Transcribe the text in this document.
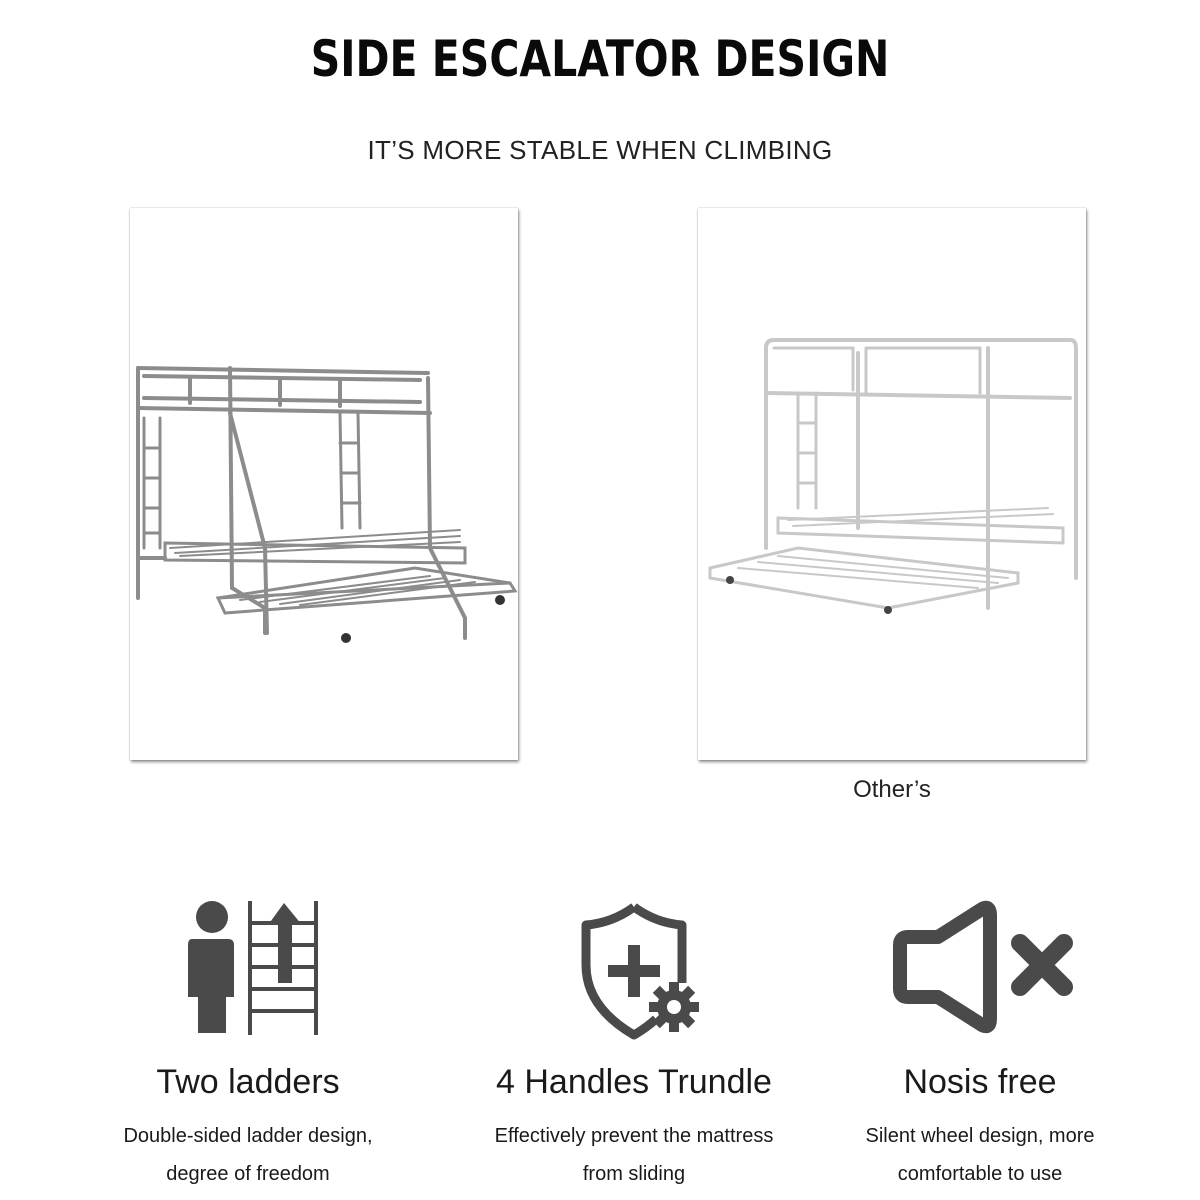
SIDE ESCALATOR DESIGN
IT’S MORE STABLE WHEN CLIMBING
Other’s
Two ladders
Double-sided ladder design,
degree of freedom
4 Handles Trundle
Effectively prevent the mattress
from sliding
Nosis free
Silent wheel design, more
comfortable to use
